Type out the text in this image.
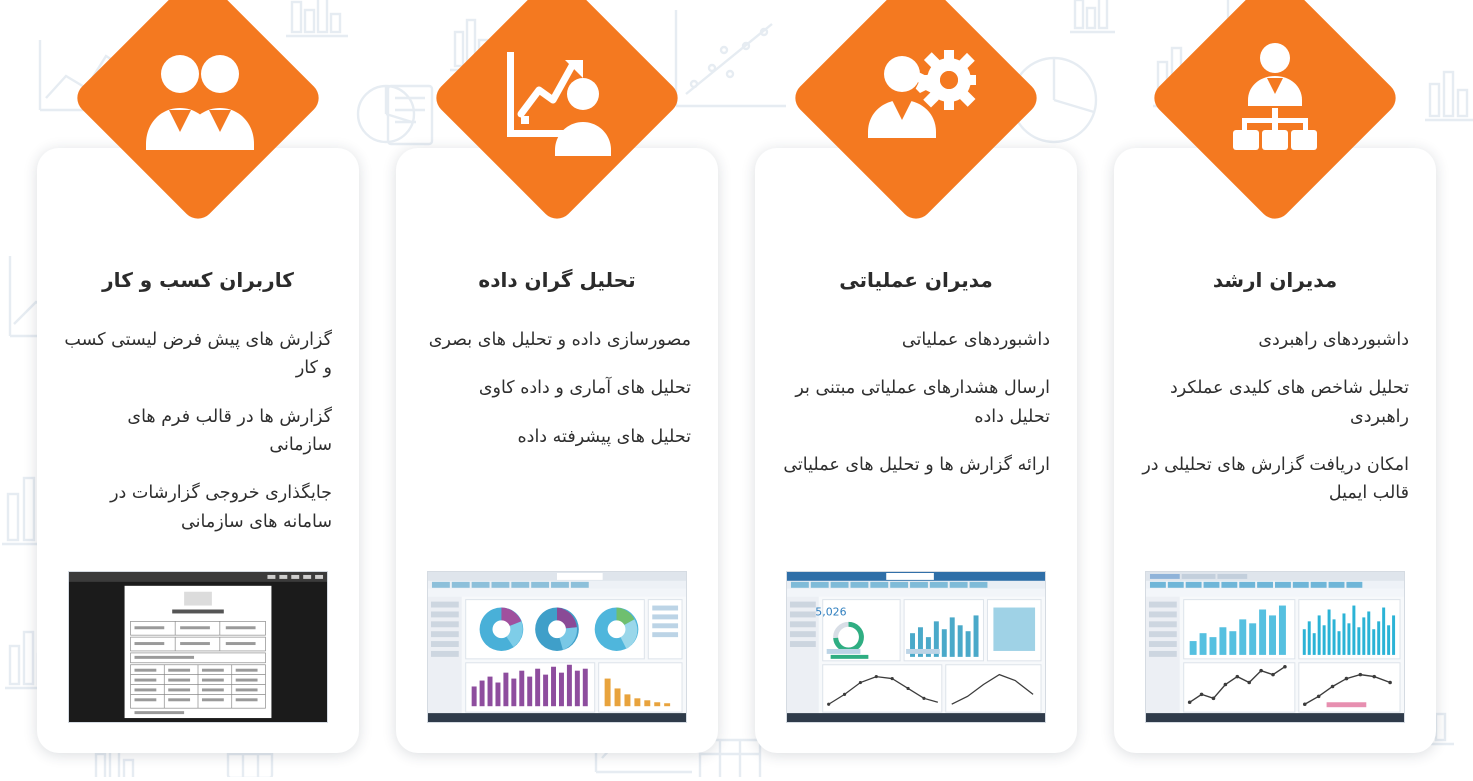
مدیران ارشد
داشبوردهای راهبردی
تحلیل شاخص های کلیدی عملکرد راهبردی
امکان دریافت گزارش های تحلیلی در قالب ایمیل
مدیران عملیاتی
داشبوردهای عملیاتی
ارسال هشدارهای عملیاتی مبتنی بر تحلیل داده
ارائه گزارش ها و تحلیل های عملیاتی
5,026
تحلیل گران داده
مصورسازی داده و تحلیل های بصری
تحلیل های آماری و داده کاوی
تحلیل های پیشرفته داده
کاربران کسب و کار
گزارش های پیش فرض لیستی کسب و کار
گزارش ها در قالب فرم های سازمانی
جایگذاری خروجی گزارشات در سامانه های سازمانی
